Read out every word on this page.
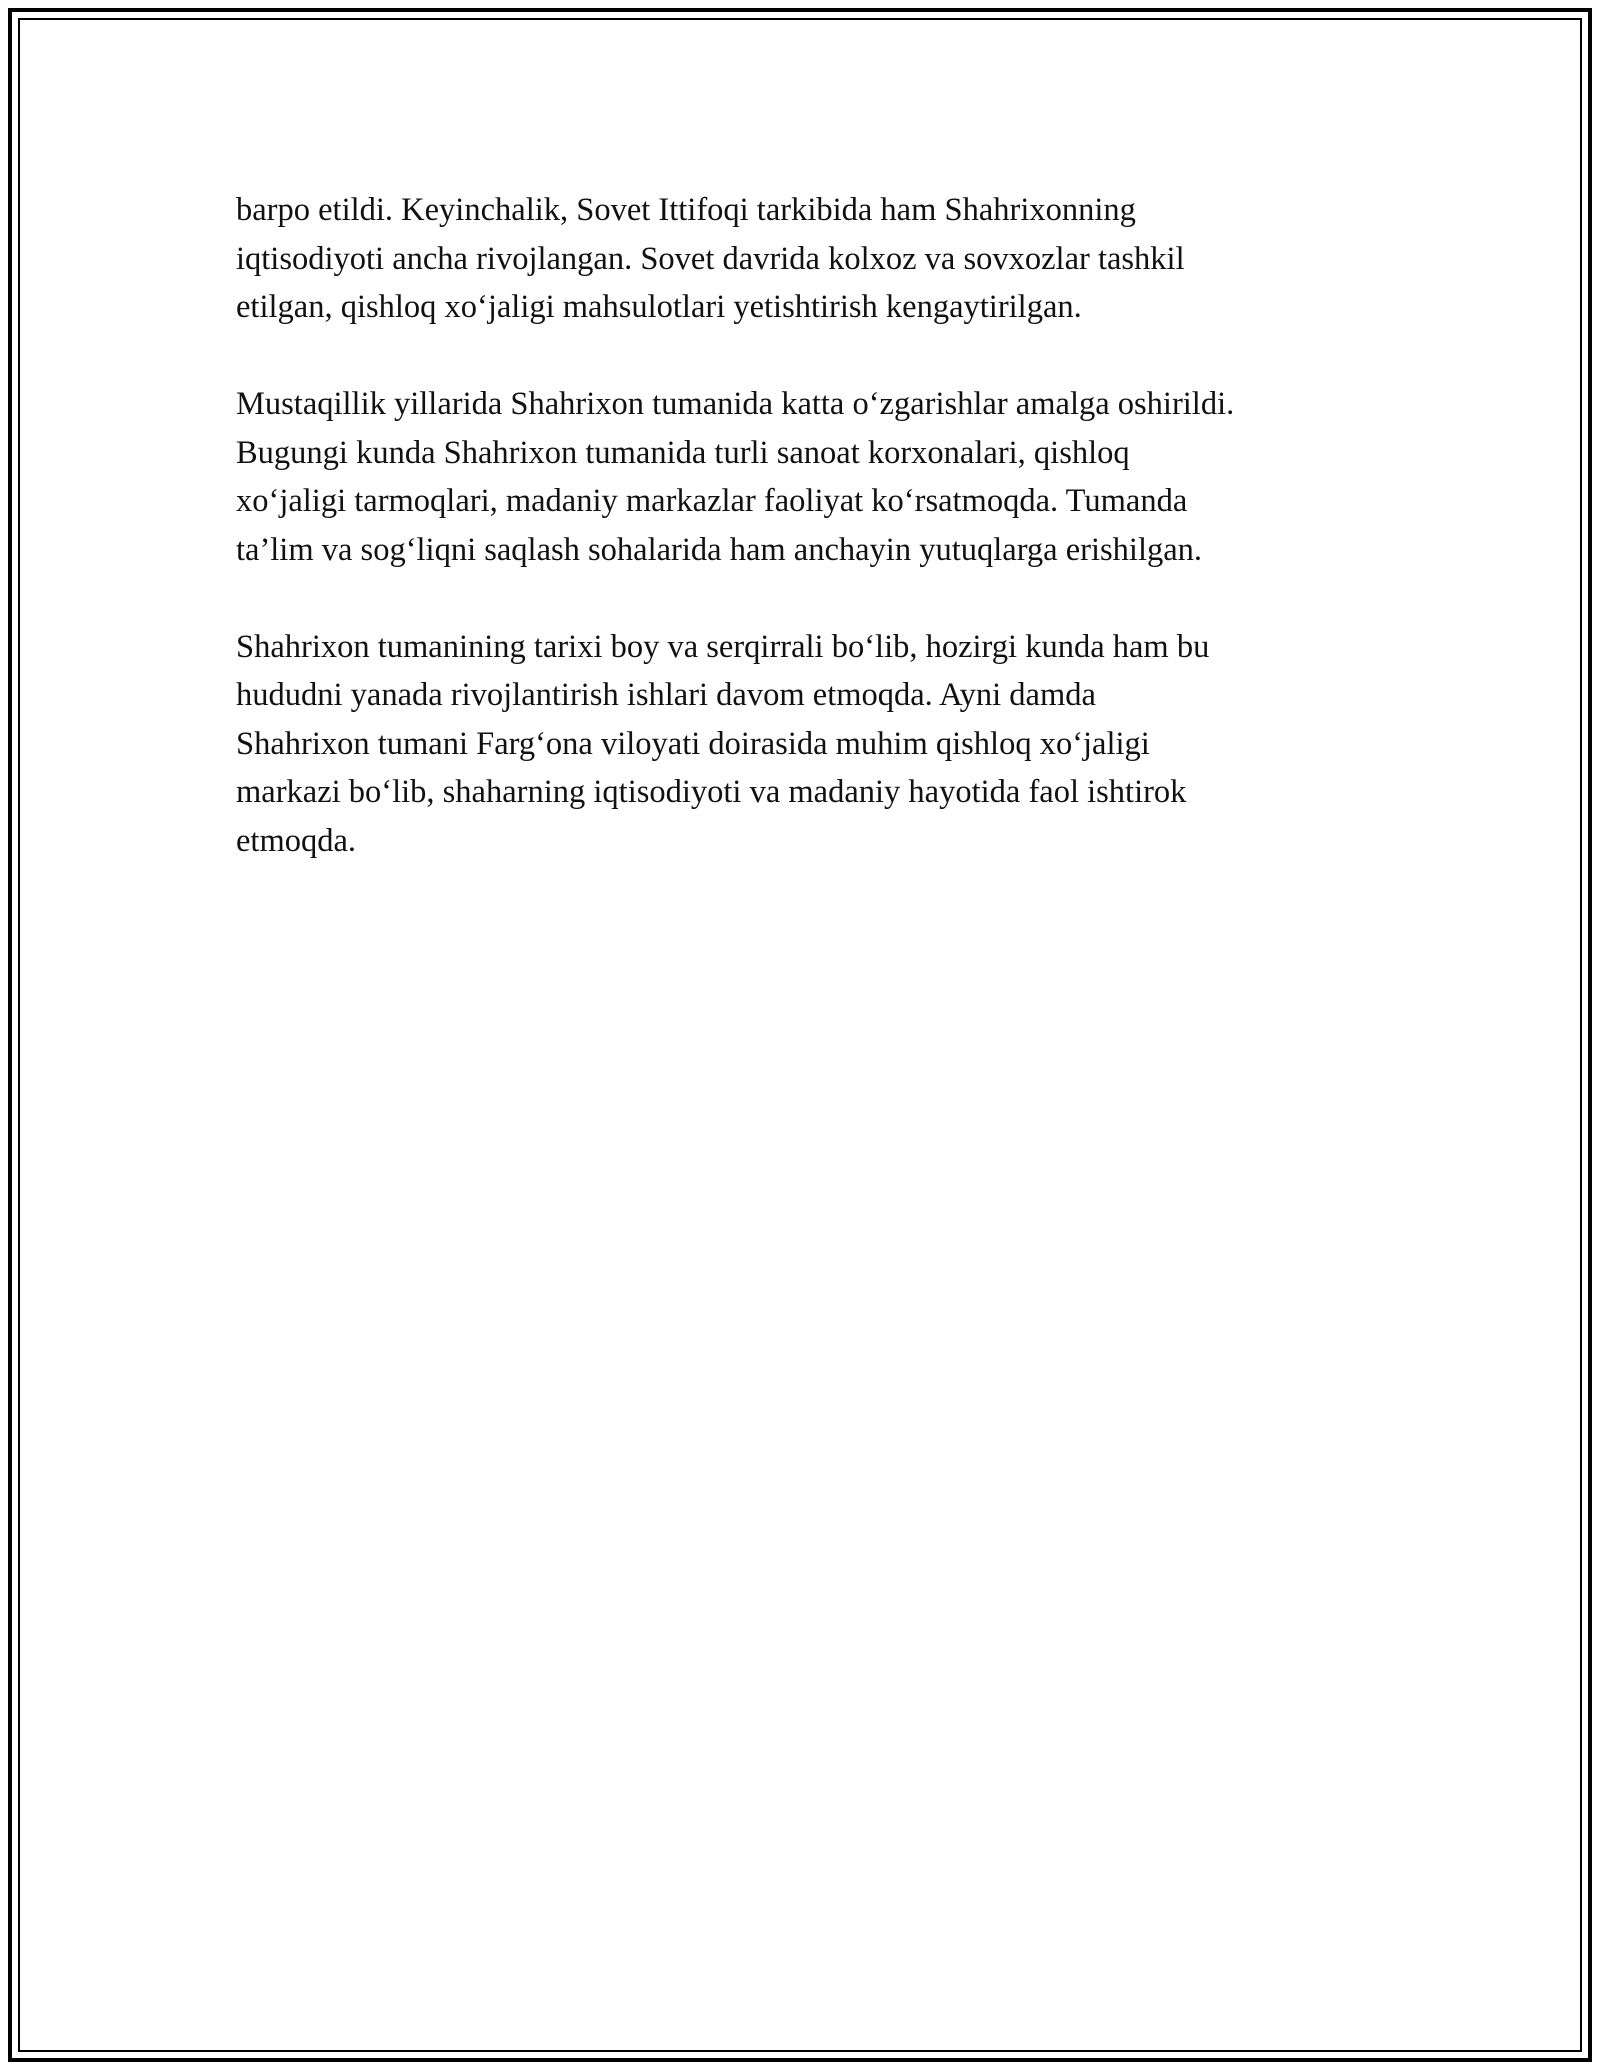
barpo etildi. Keyinchalik, Sovet Ittifoqi tarkibida ham Shahrixonning
iqtisodiyoti ancha rivojlangan. Sovet davrida kolxoz va sovxozlar tashkil
etilgan, qishloq xo‘jaligi mahsulotlari yetishtirish kengaytirilgan.

Mustaqillik yillarida Shahrixon tumanida katta o‘zgarishlar amalga oshirildi.
Bugungi kunda Shahrixon tumanida turli sanoat korxonalari, qishloq
xo‘jaligi tarmoqlari, madaniy markazlar faoliyat ko‘rsatmoqda. Tumanda
ta’lim va sog‘liqni saqlash sohalarida ham anchayin yutuqlarga erishilgan.

Shahrixon tumanining tarixi boy va serqirrali bo‘lib, hozirgi kunda ham bu
hududni yanada rivojlantirish ishlari davom etmoqda. Ayni damda
Shahrixon tumani Farg‘ona viloyati doirasida muhim qishloq xo‘jaligi
markazi bo‘lib, shaharning iqtisodiyoti va madaniy hayotida faol ishtirok
etmoqda.
